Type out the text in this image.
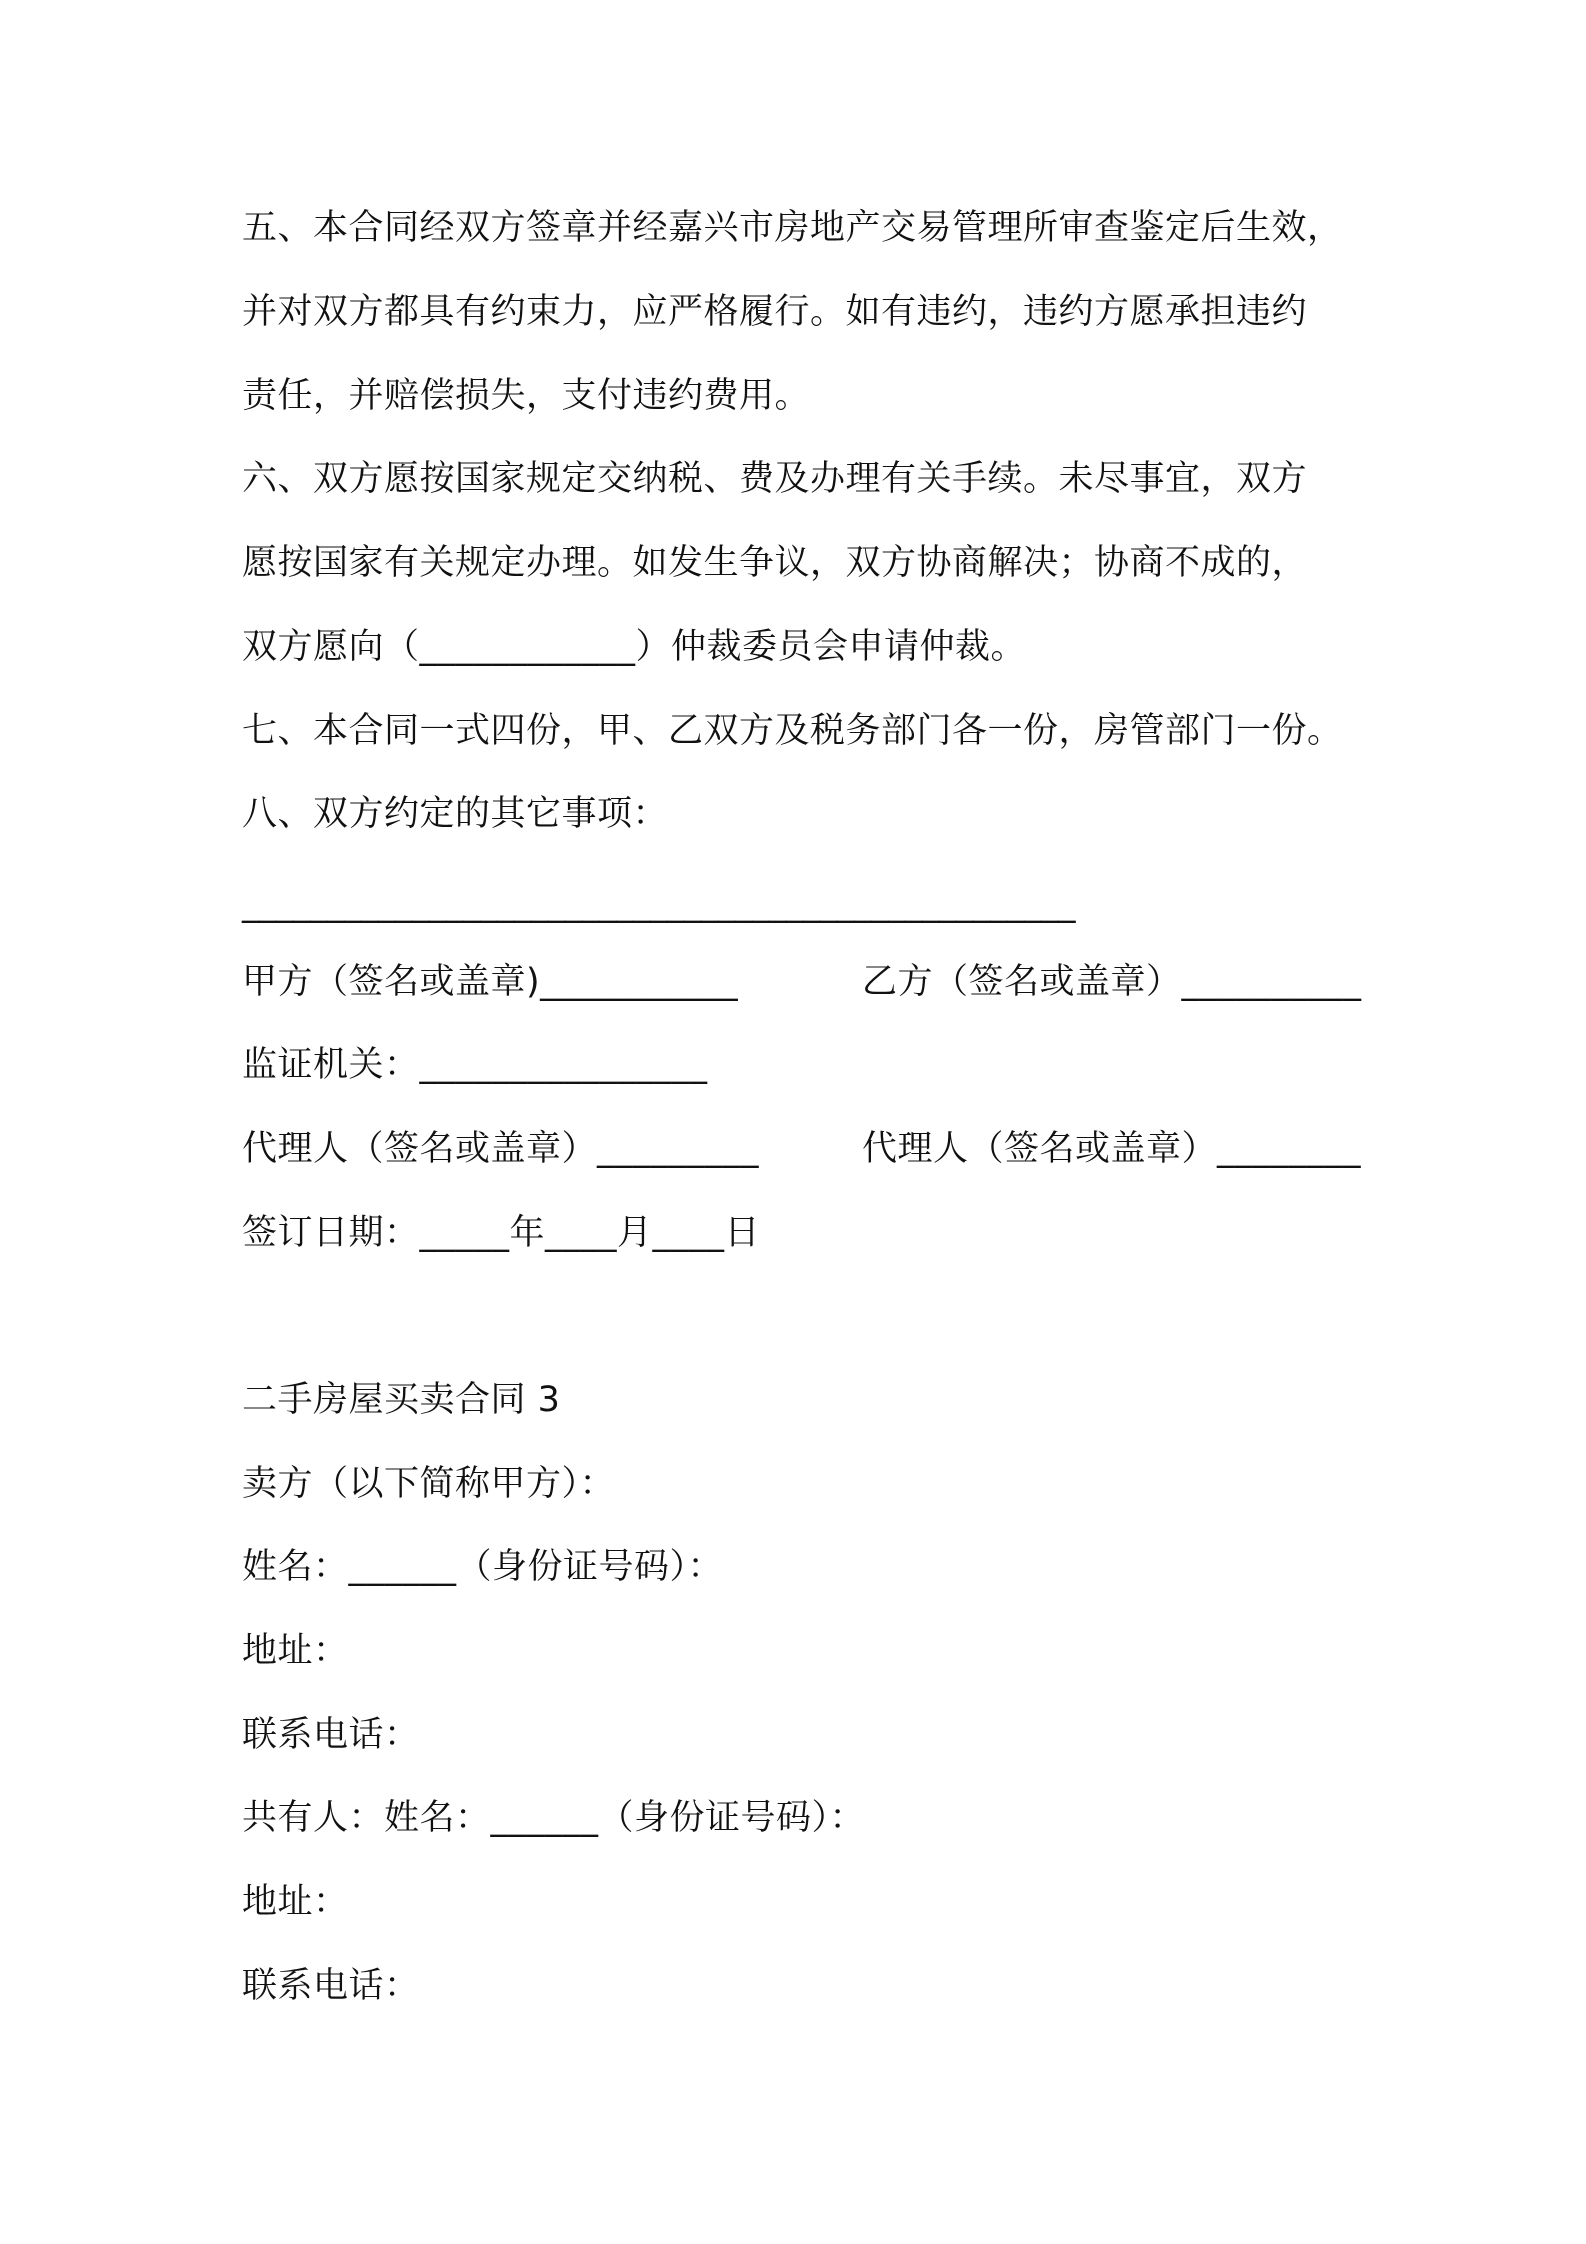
五、本合同经双方签章并经嘉兴市房地产交易管理所审查鉴定后生效，
并对双方都具有约束力，应严格履行。如有违约，违约方愿承担违约
责任，并赔偿损失，支付违约费用。
六、双方愿按国家规定交纳税、费及办理有关手续。未尽事宜，双方
愿按国家有关规定办理。如发生争议，双方协商解决；协商不成的，
双方愿向（____________）仲裁委员会申请仲裁。
七、本合同一式四份，甲、乙双方及税务部门各一份，房管部门一份。
八、双方约定的其它事项：
_________________________________________________
甲方（签名或盖章)___________	乙方（签名或盖章）__________
监证机关：________________
代理人（签名或盖章）_________	代理人（签名或盖章）________
签订日期：_____年____月____日
二手房屋买卖合同 3
卖方（以下简称甲方）：
姓名：______（身份证号码）：
地址：
联系电话：
共有人：姓名：______（身份证号码）：
地址：
联系电话：
